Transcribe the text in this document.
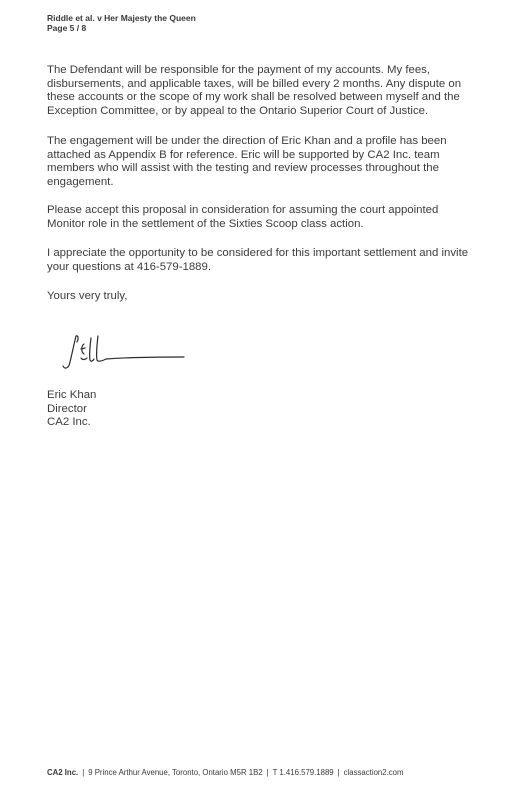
Riddle et al. v Her Majesty the Queen
Page 5 / 8
The Defendant will be responsible for the payment of my accounts. My fees, disbursements, and applicable taxes, will be billed every 2 months. Any dispute on these accounts or the scope of my work shall be resolved between myself and the Exception Committee, or by appeal to the Ontario Superior Court of Justice.
The engagement will be under the direction of Eric Khan and a profile has been attached as Appendix B for reference. Eric will be supported by CA2 Inc. team members who will assist with the testing and review processes throughout the engagement.
Please accept this proposal in consideration for assuming the court appointed Monitor role in the settlement of the Sixties Scoop class action.
I appreciate the opportunity to be considered for this important settlement and invite your questions at 416-579-1889.
Yours very truly,
Eric Khan
Director
CA2 Inc.
CA2 Inc. | 9 Prince Arthur Avenue, Toronto, Ontario M5R 1B2 | T 1.416.579.1889 | classaction2.com
